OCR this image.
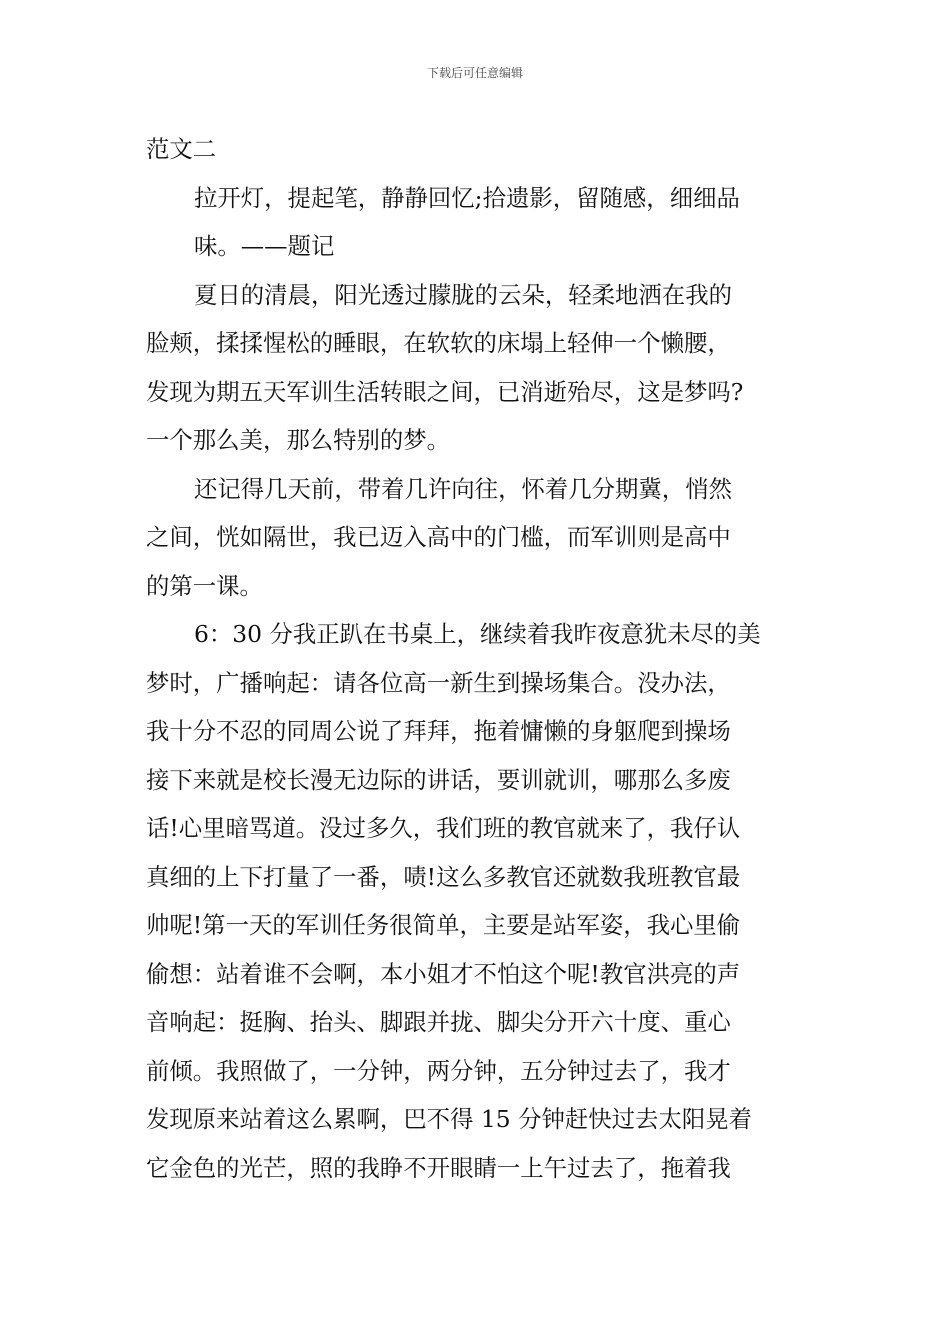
下载后可任意编辑
范文二
拉开灯，提起笔，静静回忆;拾遗影，留随感，细细品
味。——题记
夏日的清晨，阳光透过朦胧的云朵，轻柔地洒在我的
脸颊，揉揉惺松的睡眼，在软软的床塌上轻伸一个懒腰，
发现为期五天军训生活转眼之间，已消逝殆尽，这是梦吗?
一个那么美，那么特别的梦。
还记得几天前，带着几许向往，怀着几分期冀，悄然
之间，恍如隔世，我已迈入高中的门槛，而军训则是高中
的第一课。
6：30 分我正趴在书桌上，继续着我昨夜意犹未尽的美
梦时，广播响起：请各位高一新生到操场集合。没办法，
我十分不忍的同周公说了拜拜，拖着慵懒的身躯爬到操场
接下来就是校长漫无边际的讲话，要训就训，哪那么多废
话!心里暗骂道。没过多久，我们班的教官就来了，我仔认
真细的上下打量了一番，啧!这么多教官还就数我班教官最
帅呢!第一天的军训任务很简单，主要是站军姿，我心里偷
偷想：站着谁不会啊，本小姐才不怕这个呢!教官洪亮的声
音响起：挺胸、抬头、脚跟并拢、脚尖分开六十度、重心
前倾。我照做了，一分钟，两分钟，五分钟过去了，我才
发现原来站着这么累啊，巴不得 15 分钟赶快过去太阳晃着
它金色的光芒，照的我睁不开眼睛一上午过去了，拖着我
